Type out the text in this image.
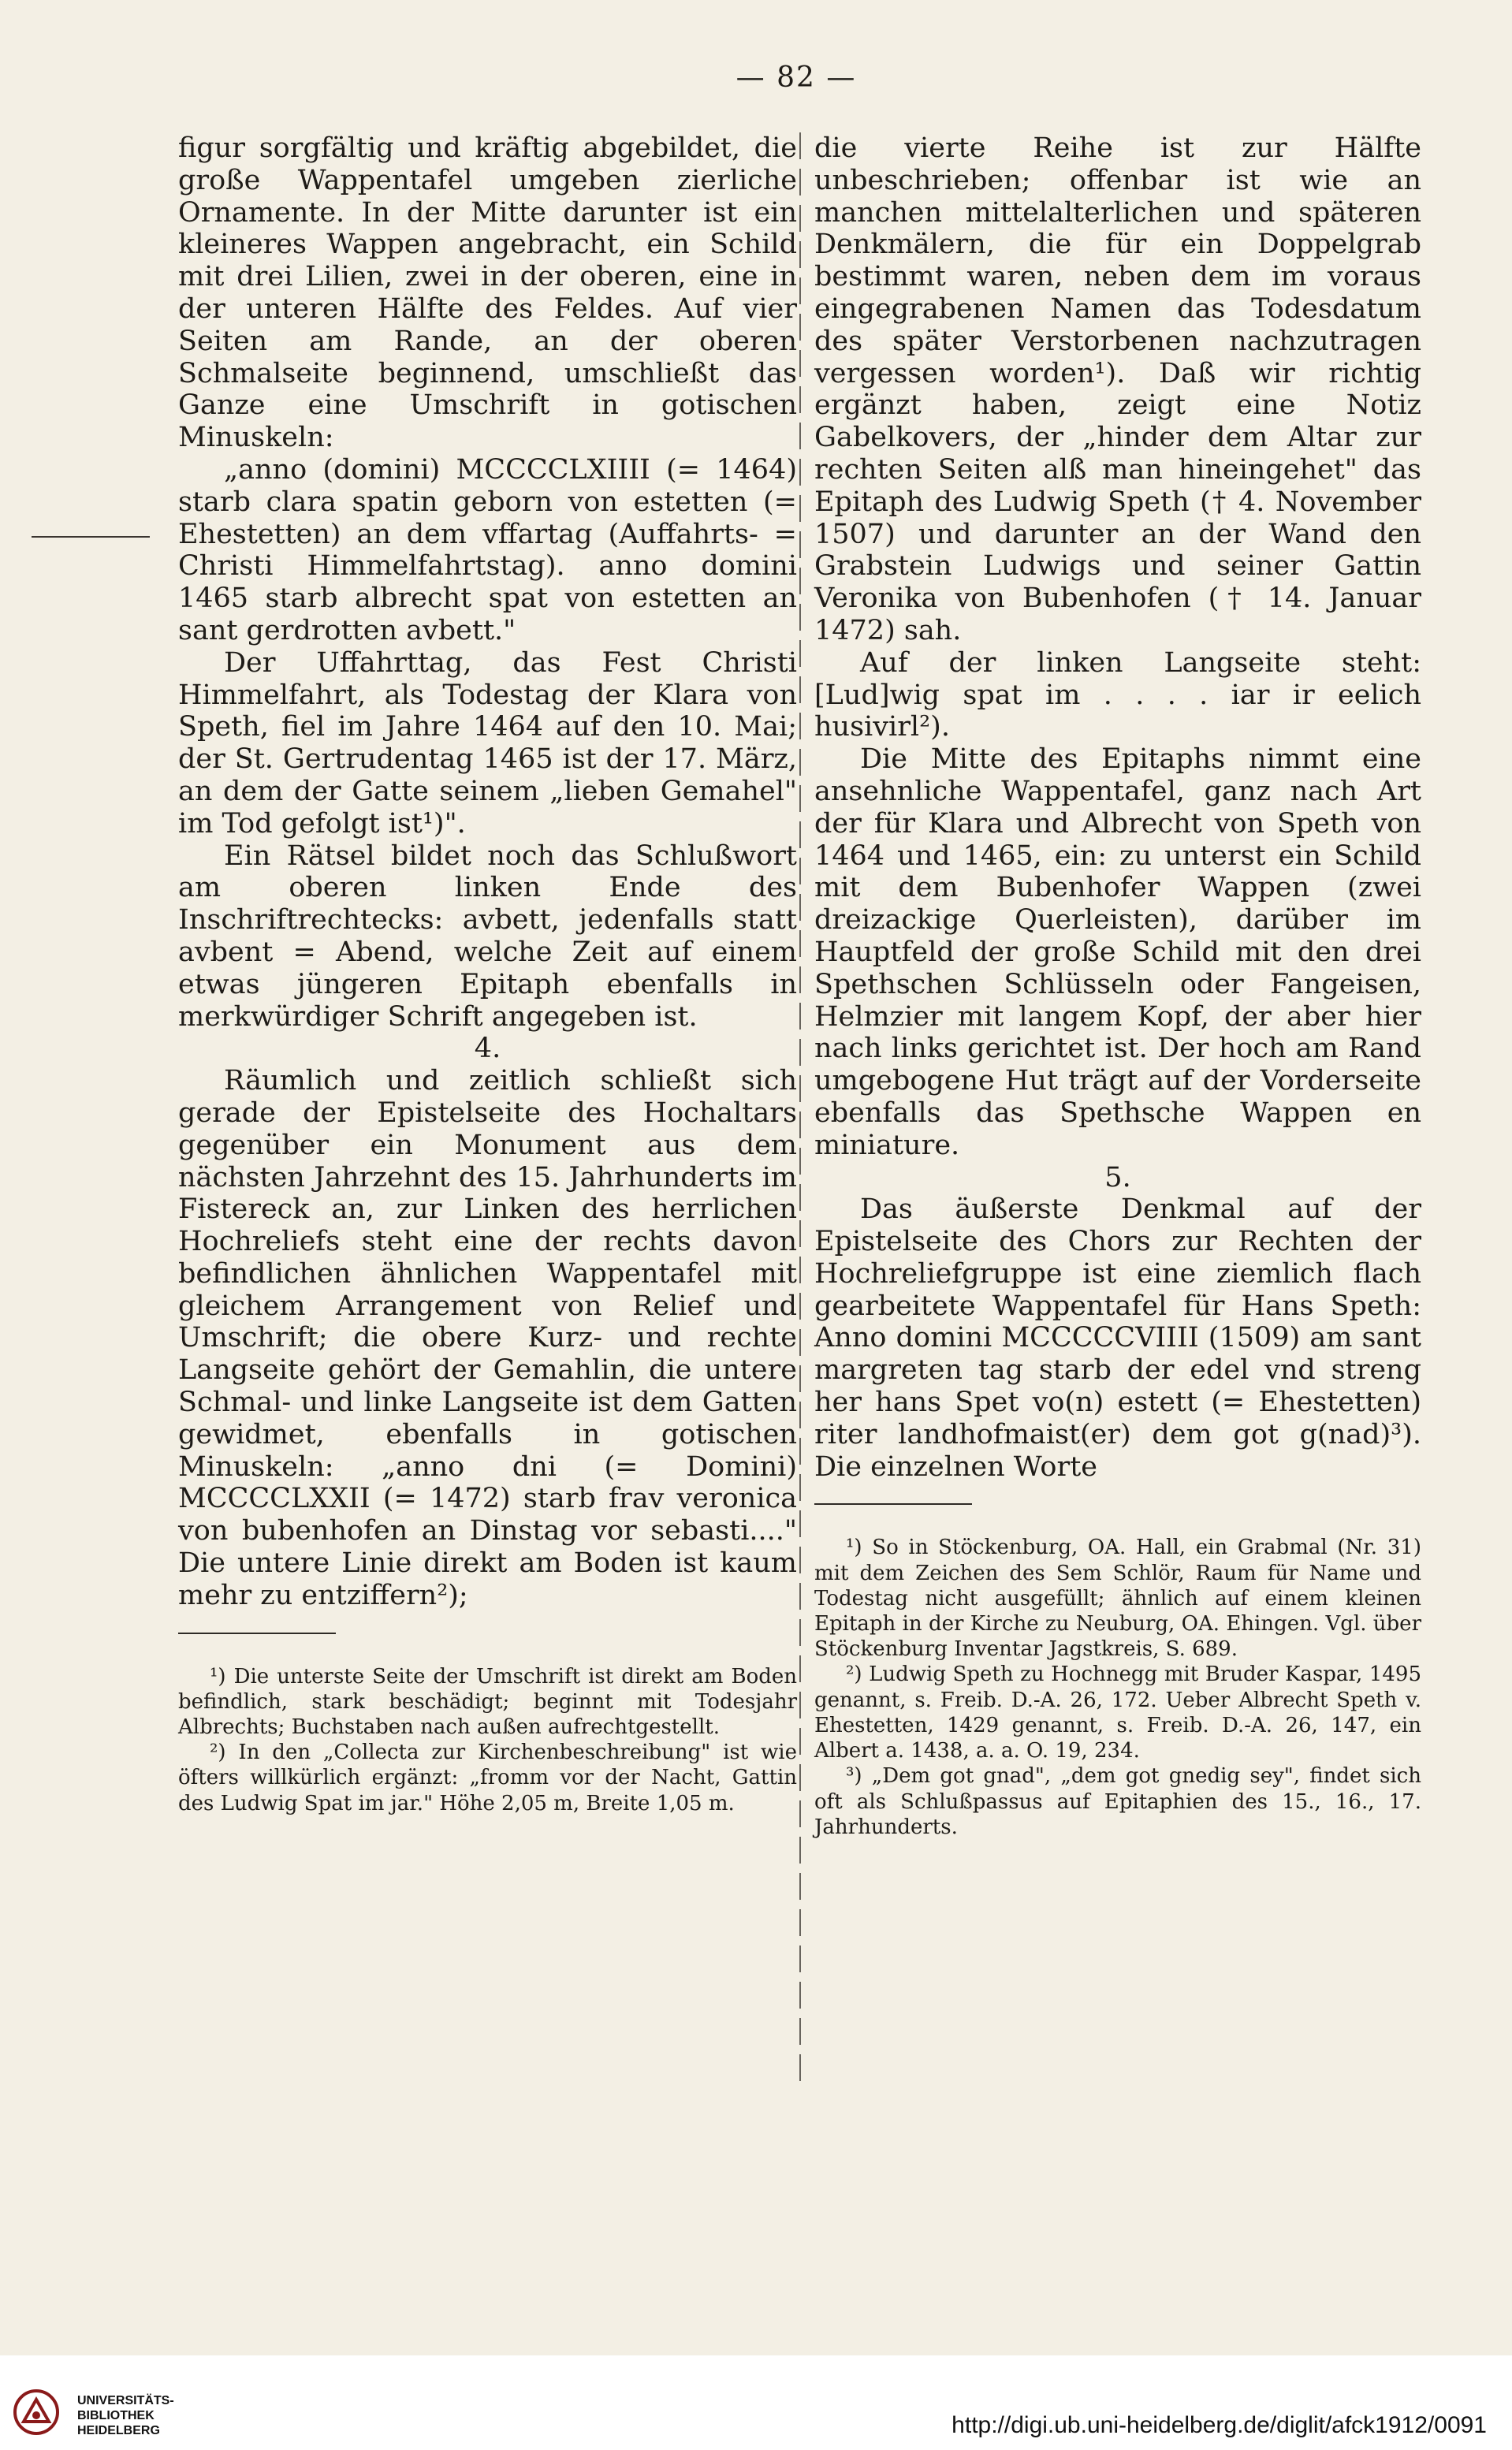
— 82 —

figur sorgfältig und kräftig abgebildet, die große Wappentafel umgeben zierliche Ornamente. In der Mitte darunter ist ein kleineres Wappen angebracht, ein Schild mit drei Lilien, zwei in der oberen, eine in der unteren Hälfte des Feldes. Auf vier Seiten am Rande, an der oberen Schmalseite beginnend, umschließt das Ganze eine Umschrift in gotischen Minuskeln:

„anno (domini) MCCCCLXIIII (= 1464) starb clara spatin geborn von estetten (= Ehestetten) an dem vffartag (Auffahrts- = Christi Himmelfahrtstag). anno domini 1465 starb albrecht spat von estetten an sant gerdrotten avbett."

Der Uffahrttag, das Fest Christi Himmelfahrt, als Todestag der Klara von Speth, fiel im Jahre 1464 auf den 10. Mai; der St. Gertrudentag 1465 ist der 17. März, an dem der Gatte seinem „lieben Gemahel" im Tod gefolgt ist¹)".

Ein Rätsel bildet noch das Schlußwort am oberen linken Ende des Inschriftrechtecks: avbett, jedenfalls statt avbent = Abend, welche Zeit auf einem etwas jüngeren Epitaph ebenfalls in merkwürdiger Schrift angegeben ist.

4.

Räumlich und zeitlich schließt sich gerade der Epistelseite des Hochaltars gegenüber ein Monument aus dem nächsten Jahrzehnt des 15. Jahrhunderts im Fistereck an, zur Linken des herrlichen Hochreliefs steht eine der rechts davon befindlichen ähnlichen Wappentafel mit gleichem Arrangement von Relief und Umschrift; die obere Kurz- und rechte Langseite gehört der Gemahlin, die untere Schmal- und linke Langseite ist dem Gatten gewidmet, ebenfalls in gotischen Minuskeln: „anno dni (= Domini) MCCCCLXXII (= 1472) starb frav veronica von bubenhofen an Dinstag vor sebasti...." Die untere Linie direkt am Boden ist kaum mehr zu entziffern²);

¹) Die unterste Seite der Umschrift ist direkt am Boden befindlich, stark beschädigt; beginnt mit Todesjahr Albrechts; Buchstaben nach außen aufrechtgestellt.

²) In den „Collecta zur Kirchenbeschreibung" ist wie öfters willkürlich ergänzt: „fromm vor der Nacht, Gattin des Ludwig Spat im jar." Höhe 2,05 m, Breite 1,05 m.

die vierte Reihe ist zur Hälfte unbeschrieben; offenbar ist wie an manchen mittelalterlichen und späteren Denkmälern, die für ein Doppelgrab bestimmt waren, neben dem im voraus eingegrabenen Namen das Todesdatum des später Verstorbenen nachzutragen vergessen worden¹). Daß wir richtig ergänzt haben, zeigt eine Notiz Gabelkovers, der „hinder dem Altar zur rechten Seiten alß man hineingehet" das Epitaph des Ludwig Speth († 4. November 1507) und darunter an der Wand den Grabstein Ludwigs und seiner Gattin Veronika von Bubenhofen († 14. Januar 1472) sah.

Auf der linken Langseite steht: [Lud]wig spat im . . . . iar ir eelich husivirl²).

Die Mitte des Epitaphs nimmt eine ansehnliche Wappentafel, ganz nach Art der für Klara und Albrecht von Speth von 1464 und 1465, ein: zu unterst ein Schild mit dem Bubenhofer Wappen (zwei dreizackige Querleisten), darüber im Hauptfeld der große Schild mit den drei Spethschen Schlüsseln oder Fangeisen, Helmzier mit langem Kopf, der aber hier nach links gerichtet ist. Der hoch am Rand umgebogene Hut trägt auf der Vorderseite ebenfalls das Spethsche Wappen en miniature.

5.

Das äußerste Denkmal auf der Epistelseite des Chors zur Rechten der Hochreliefgruppe ist eine ziemlich flach gearbeitete Wappentafel für Hans Speth: Anno domini MCCCCCVIIII (1509) am sant margreten tag starb der edel vnd streng her hans Spet vo(n) estett (= Ehestetten) riter landhofmaist(er) dem got g(nad)³). Die einzelnen Worte

¹) So in Stöckenburg, OA. Hall, ein Grabmal (Nr. 31) mit dem Zeichen des Sem Schlör, Raum für Name und Todestag nicht ausgefüllt; ähnlich auf einem kleinen Epitaph in der Kirche zu Neuburg, OA. Ehingen. Vgl. über Stöckenburg Inventar Jagstkreis, S. 689.

²) Ludwig Speth zu Hochnegg mit Bruder Kaspar, 1495 genannt, s. Freib. D.-A. 26, 172. Ueber Albrecht Speth v. Ehestetten, 1429 genannt, s. Freib. D.-A. 26, 147, ein Albert a. 1438, a. a. O. 19, 234.

³) „Dem got gnad", „dem got gnedig sey", findet sich oft als Schlußpassus auf Epitaphien des 15., 16., 17. Jahrhunderts.

UNIVERSITÄTS-
BIBLIOTHEK
HEIDELBERG	http://digi.ub.uni-heidelberg.de/diglit/afck1912/0091
